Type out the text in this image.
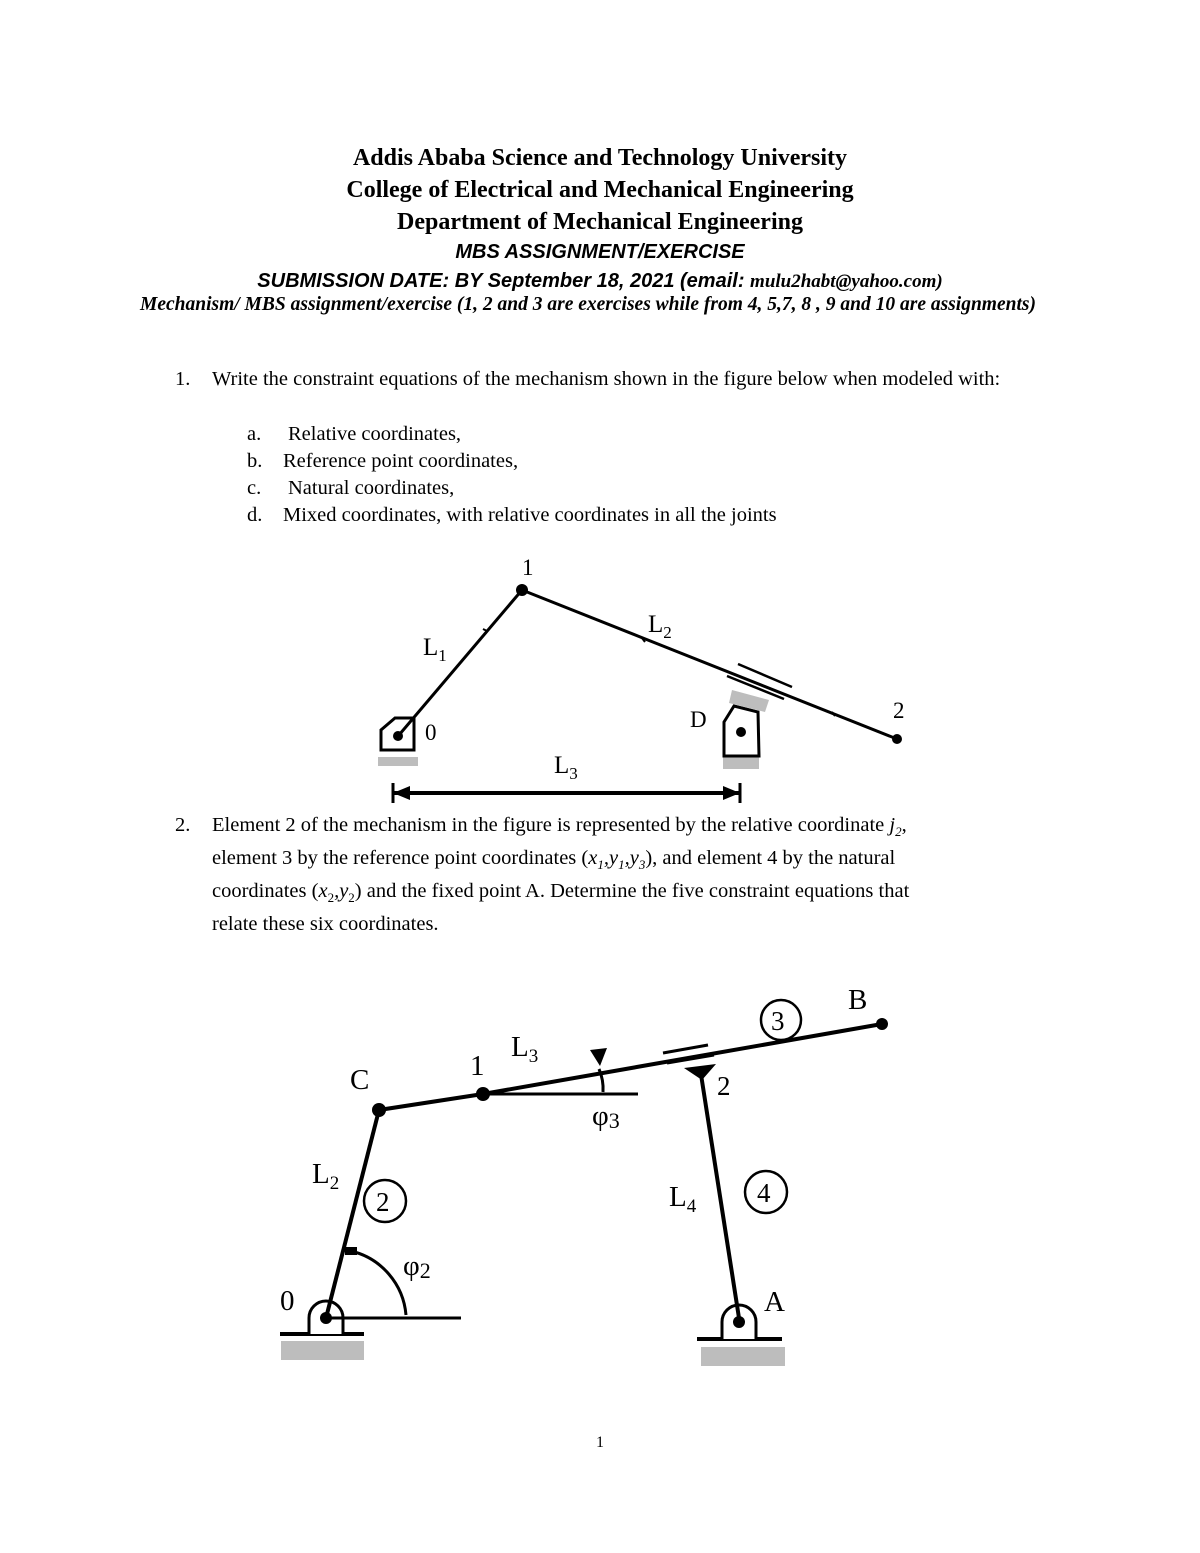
Addis Ababa Science and Technology University

College of Electrical and Mechanical Engineering

Department of Mechanical Engineering

MBS ASSIGNMENT/EXERCISE

SUBMISSION DATE: BY September 18, 2021 (email: mulu2habt@yahoo.com)

Mechanism/ MBS assignment/exercise (1, 2 and 3 are exercises while from 4, 5,7, 8 , 9 and 10 are assignments)

1. Write the constraint equations of the mechanism shown in the figure below when modeled with:

a. Relative coordinates,
b. Reference point coordinates,
c. Natural coordinates,
d. Mixed coordinates, with relative coordinates in all the joints
1
0
2
D
$L_1$
$L_2$
$L_3$
2. Element 2 of the mechanism in the figure is represented by the relative coordinate $j_2$,
element 3 by the reference point coordinates $(x_1,y_1,y_3)$, and element 4 by the natural
coordinates $(x_2,y_2)$ and the fixed point A. Determine the five constraint equations that
relate these six coordinates.
B
3
1
C
$L_3$
2
φ3
$L_2$
2	$L_4$ 4
φ2
0	A
1
